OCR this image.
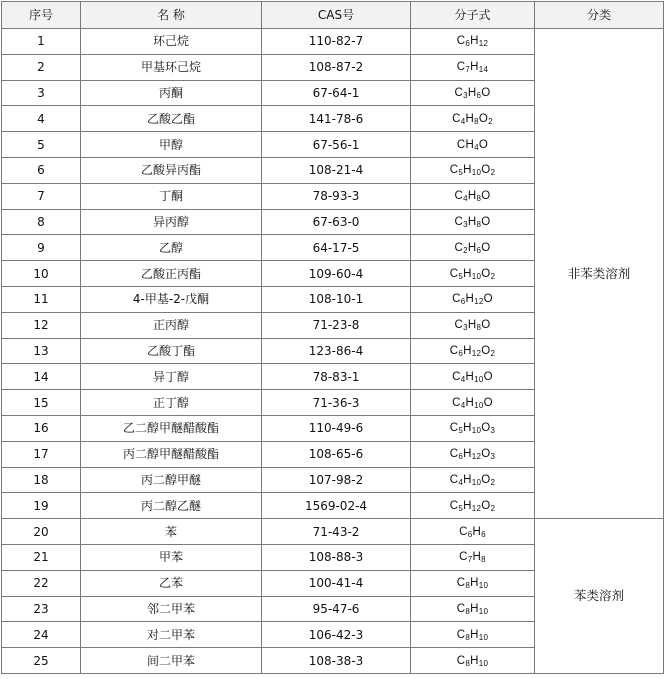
序号	名 称	CAS号	分子式	分类
1	环己烷	110-82-7	$C_6H_{12}$	非苯类溶剂
2	甲基环己烷	108-87-2	$C_7H_{14}$
3	丙酮	67-64-1	$C_3H_6O$	
4	乙酸乙酯	141-78-6	$C_4H_8O_2$
5	甲醇	67-56-1	$CH_4O$	
6	乙酸异丙酯	108-21-4	$C_5H_{10}O_2$
7	丁酮	78-93-3	$C_4H_8O$	
8	异丙醇	67-63-0	$C_3H_8O$	
9	乙醇	64-17-5	$C_2H_6O$	
10	乙酸正丙酯	109-60-4	$C_5H_{10}O_2$
11	4-甲基-2-戊酮	108-10-1	$C_6H_{12}O$	
12	正丙醇	71-23-8	$C_3H_8O$	
13	乙酸丁酯	123-86-4	$C_6H_{12}O_2$
14	异丁醇	78-83-1	$C_4H_{10}O$	
15	正丁醇	71-36-3	$C_4H_{10}O$	
16	乙二醇甲醚醋酸酯	110-49-6	$C_5H_{10}O_3$
17	丙二醇甲醚醋酸酯	108-65-6	$C_6H_{12}O_3$
18	丙二醇甲醚	107-98-2	$C_4H_{10}O_2$
19	丙二醇乙醚	1569-02-4	$C_5H_{12}O_2$
20	苯	71-43-2	$C_6H_6$	苯类溶剂
21	甲苯	108-88-3	$C_7H_8$
22	乙苯	100-41-4	$C_8H_{10}$
23	邻二甲苯	95-47-6	$C_8H_{10}$
24	对二甲苯	106-42-3	$C_8H_{10}$
25	间二甲苯	108-38-3	$C_8H_{10}$
